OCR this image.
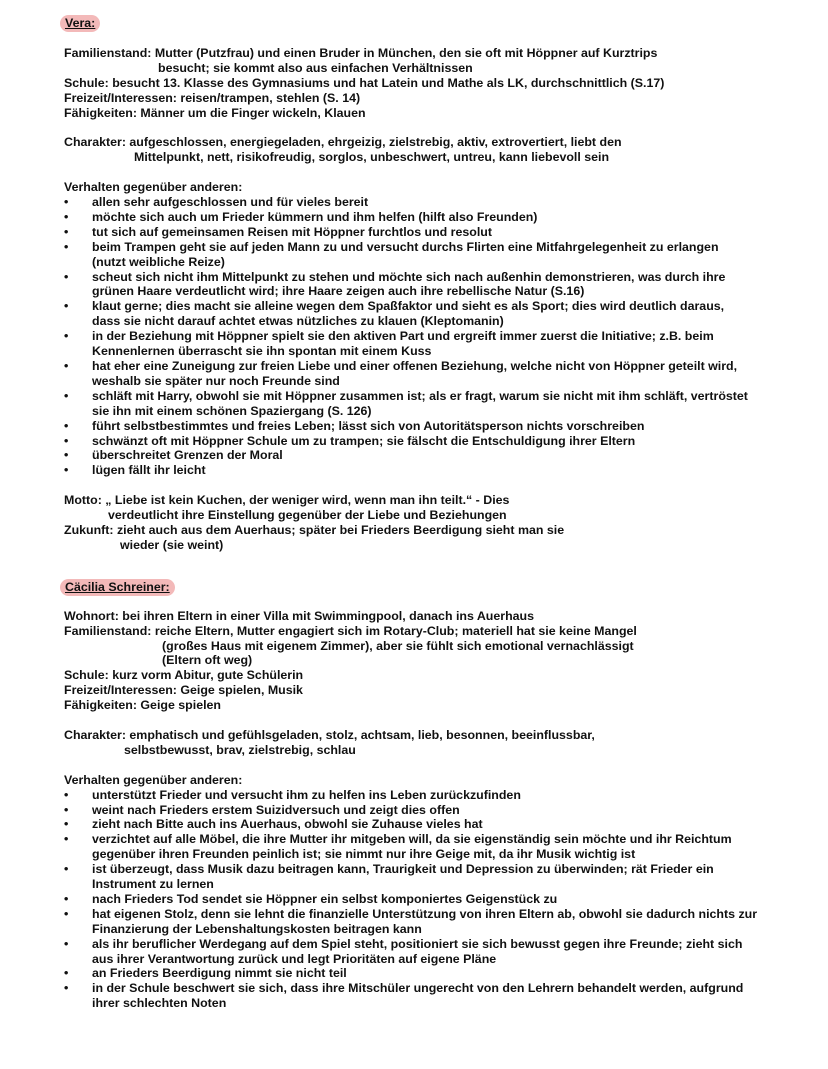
Vera:
Familienstand: Mutter (Putzfrau) und einen Bruder in München, den sie oft mit Höppner auf Kurztrips
besucht; sie kommt also aus einfachen Verhältnissen
Schule: besucht 13. Klasse des Gymnasiums und hat Latein und Mathe als LK, durchschnittlich (S.17)
Freizeit/Interessen: reisen/trampen, stehlen (S. 14)
Fähigkeiten: Männer um die Finger wickeln, Klauen
Charakter: aufgeschlossen, energiegeladen, ehrgeizig, zielstrebig, aktiv, extrovertiert, liebt den
Mittelpunkt, nett, risikofreudig, sorglos, unbeschwert, untreu, kann liebevoll sein
Verhalten gegenüber anderen:
• allen sehr aufgeschlossen und für vieles bereit
• möchte sich auch um Frieder kümmern und ihm helfen (hilft also Freunden)
• tut sich auf gemeinsamen Reisen mit Höppner furchtlos und resolut
• beim Trampen geht sie auf jeden Mann zu und versucht durchs Flirten eine Mitfahrgelegenheit zu erlangen
(nutzt weibliche Reize)
• scheut sich nicht ihm Mittelpunkt zu stehen und möchte sich nach außenhin demonstrieren, was durch ihre
grünen Haare verdeutlicht wird; ihre Haare zeigen auch ihre rebellische Natur (S.16)
• klaut gerne; dies macht sie alleine wegen dem Spaßfaktor und sieht es als Sport; dies wird deutlich daraus,
dass sie nicht darauf achtet etwas nützliches zu klauen (Kleptomanin)
• in der Beziehung mit Höppner spielt sie den aktiven Part und ergreift immer zuerst die Initiative; z.B. beim
Kennenlernen überrascht sie ihn spontan mit einem Kuss
• hat eher eine Zuneigung zur freien Liebe und einer offenen Beziehung, welche nicht von Höppner geteilt wird,
weshalb sie später nur noch Freunde sind
• schläft mit Harry, obwohl sie mit Höppner zusammen ist; als er fragt, warum sie nicht mit ihm schläft, vertröstet
sie ihn mit einem schönen Spaziergang (S. 126)
• führt selbstbestimmtes und freies Leben; lässt sich von Autoritätsperson nichts vorschreiben
• schwänzt oft mit Höppner Schule um zu trampen; sie fälscht die Entschuldigung ihrer Eltern
• überschreitet Grenzen der Moral
• lügen fällt ihr leicht
Motto: „ Liebe ist kein Kuchen, der weniger wird, wenn man ihn teilt.“ - Dies
verdeutlicht ihre Einstellung gegenüber der Liebe und Beziehungen
Zukunft: zieht auch aus dem Auerhaus; später bei Frieders Beerdigung sieht man sie
wieder (sie weint)
Cäcilia Schreiner:
Wohnort: bei ihren Eltern in einer Villa mit Swimmingpool, danach ins Auerhaus
Familienstand: reiche Eltern, Mutter engagiert sich im Rotary-Club; materiell hat sie keine Mangel
(großes Haus mit eigenem Zimmer), aber sie fühlt sich emotional vernachlässigt
(Eltern oft weg)
Schule: kurz vorm Abitur, gute Schülerin
Freizeit/Interessen: Geige spielen, Musik
Fähigkeiten: Geige spielen
Charakter: emphatisch und gefühlsgeladen, stolz, achtsam, lieb, besonnen, beeinflussbar,
selbstbewusst, brav, zielstrebig, schlau
Verhalten gegenüber anderen:
• unterstützt Frieder und versucht ihm zu helfen ins Leben zurückzufinden
• weint nach Frieders erstem Suizidversuch und zeigt dies offen
• zieht nach Bitte auch ins Auerhaus, obwohl sie Zuhause vieles hat
• verzichtet auf alle Möbel, die ihre Mutter ihr mitgeben will, da sie eigenständig sein möchte und ihr Reichtum
gegenüber ihren Freunden peinlich ist; sie nimmt nur ihre Geige mit, da ihr Musik wichtig ist
• ist überzeugt, dass Musik dazu beitragen kann, Traurigkeit und Depression zu überwinden; rät Frieder ein
Instrument zu lernen
• nach Frieders Tod sendet sie Höppner ein selbst komponiertes Geigenstück zu
• hat eigenen Stolz, denn sie lehnt die finanzielle Unterstützung von ihren Eltern ab, obwohl sie dadurch nichts zur
Finanzierung der Lebenshaltungskosten beitragen kann
• als ihr beruflicher Werdegang auf dem Spiel steht, positioniert sie sich bewusst gegen ihre Freunde; zieht sich
aus ihrer Verantwortung zurück und legt Prioritäten auf eigene Pläne
• an Frieders Beerdigung nimmt sie nicht teil
• in der Schule beschwert sie sich, dass ihre Mitschüler ungerecht von den Lehrern behandelt werden, aufgrund
ihrer schlechten Noten
